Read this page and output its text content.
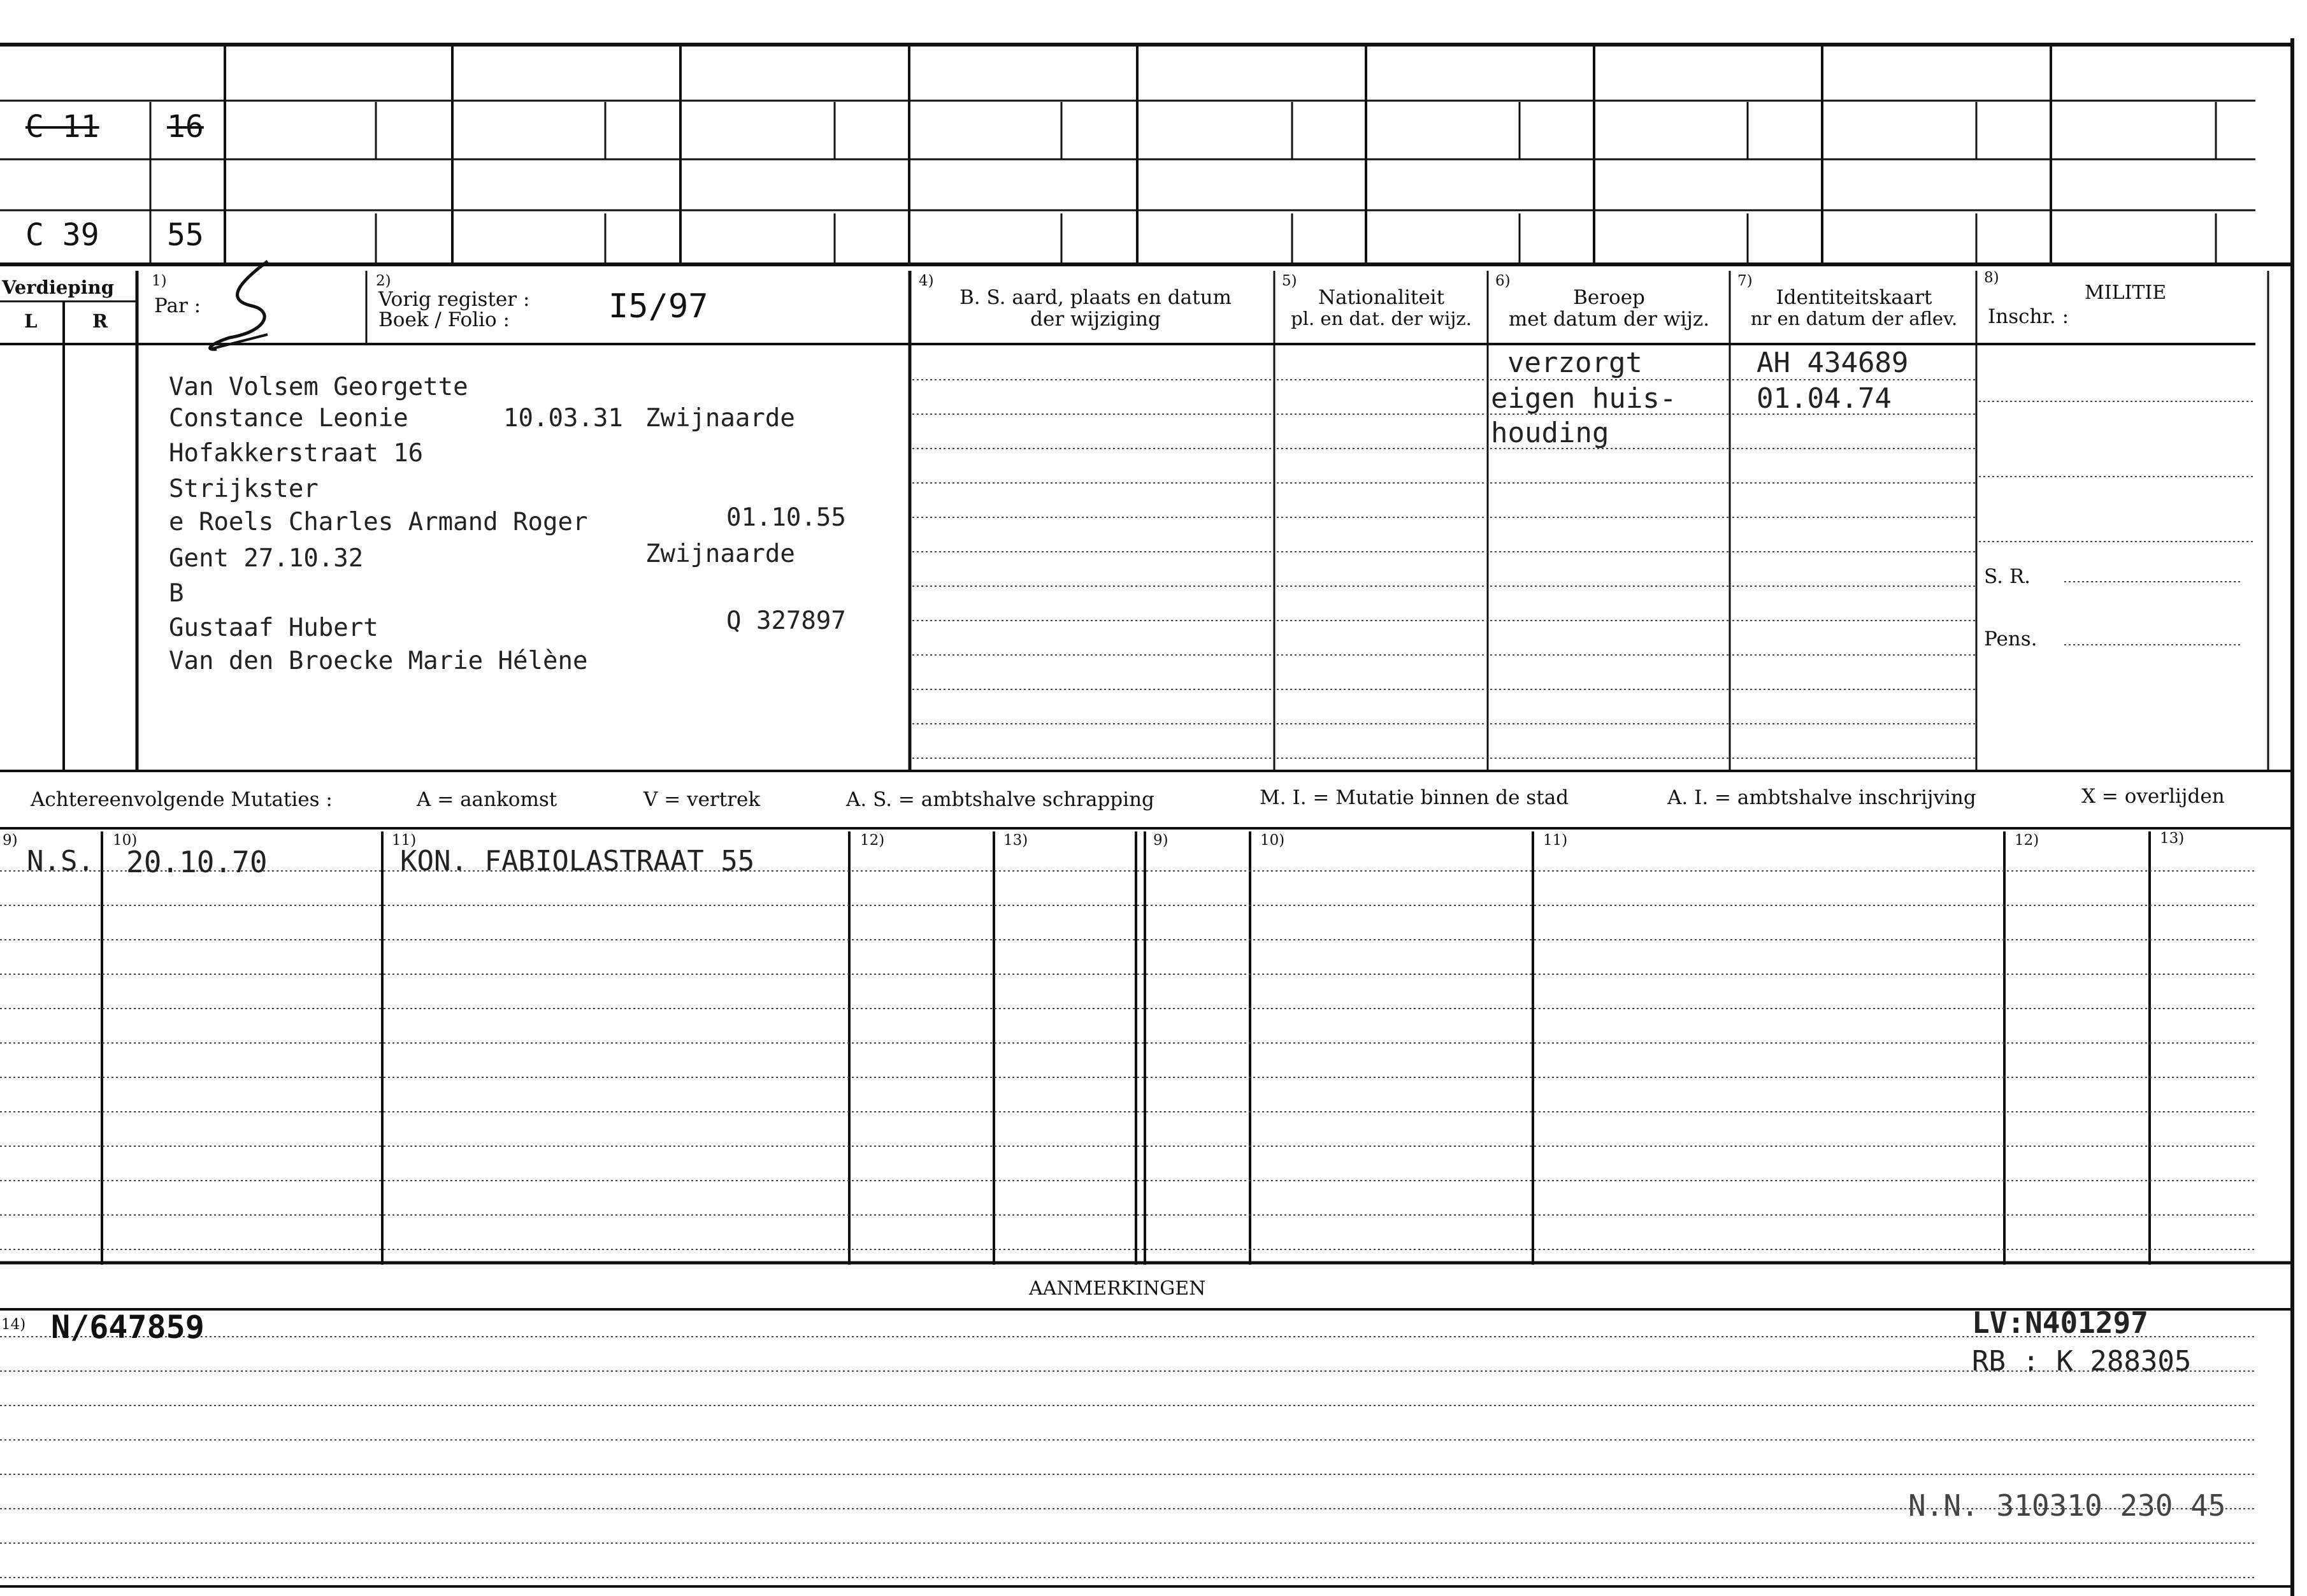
C 11 16
C 39 55
Verdieping
L	R
1)
Par :
2)
Vorig register :
Boek / Folio :	I5/97
4)
B. S. aard, plaats en datum
der wijziging
5)
Nationaliteit
pl. en dat. der wijz.
6)
Beroep
met datum der wijz.
7)
Identiteitskaart
nr en datum der aflev.
8)
MILITIE
Inschr. :
S. R.
Pens.
Van Volsem Georgette
Constance Leonie	10.03.31 Zwijnaarde
Hofakkerstraat 16
Strijkster
e Roels Charles Armand Roger	01.10.55
Gent 27.10.32	Zwijnaarde
B
Gustaaf Hubert	Q 327897
Van den Broecke Marie Hélène
verzorgt
eigen huis-
houding
AH 434689
01.04.74
Achtereenvolgende Mutaties :	A = aankomst	V = vertrek	A. S. = ambtshalve schrapping	M. I. = Mutatie binnen de stad	A. I. = ambtshalve inschrijving	X = overlijden
9)	10)	11)	12)	13)	9)	10)	11)	12)	13)
N.S. 20.10.70	KON. FABIOLASTRAAT 55
AANMERKINGEN
14) N/647859	LV:N401297
RB : K 288305
N.N. 310310 230 45
